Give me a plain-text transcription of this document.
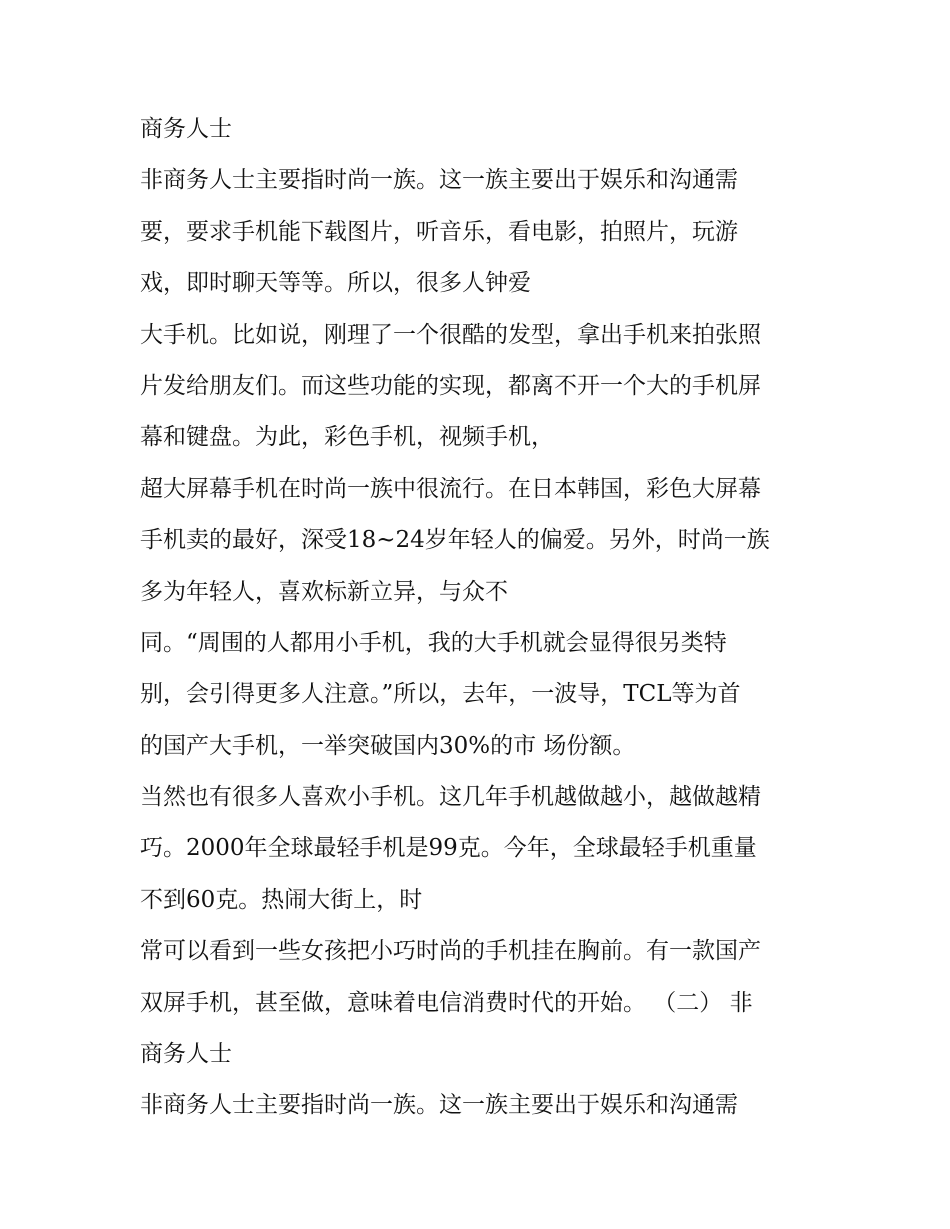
商务人士
非商务人士主要指时尚一族。这一族主要出于娱乐和沟通需
要，要求手机能下载图片，听音乐，看电影，拍照片，玩游
戏，即时聊天等等。所以，很多人钟爱
大手机。比如说，刚理了一个很酷的发型，拿出手机来拍张照
片发给朋友们。而这些功能的实现，都离不开一个大的手机屏
幕和键盘。为此，彩色手机，视频手机，
超大屏幕手机在时尚一族中很流行。在日本韩国，彩色大屏幕
手机卖的最好，深受18~24岁年轻人的偏爱。另外，时尚一族
多为年轻人，喜欢标新立异，与众不
同。“周围的人都用小手机，我的大手机就会显得很另类特
别，会引得更多人注意。”所以，去年，一波导，TCL等为首
的国产大手机，一举突破国内30%的市 场份额。
当然也有很多人喜欢小手机。这几年手机越做越小，越做越精
巧。2000年全球最轻手机是99克。今年，全球最轻手机重量
不到60克。热闹大街上，时
常可以看到一些女孩把小巧时尚的手机挂在胸前。有一款国产
双屏手机，甚至做，意味着电信消费时代的开始。 （二） 非
商务人士
非商务人士主要指时尚一族。这一族主要出于娱乐和沟通需
